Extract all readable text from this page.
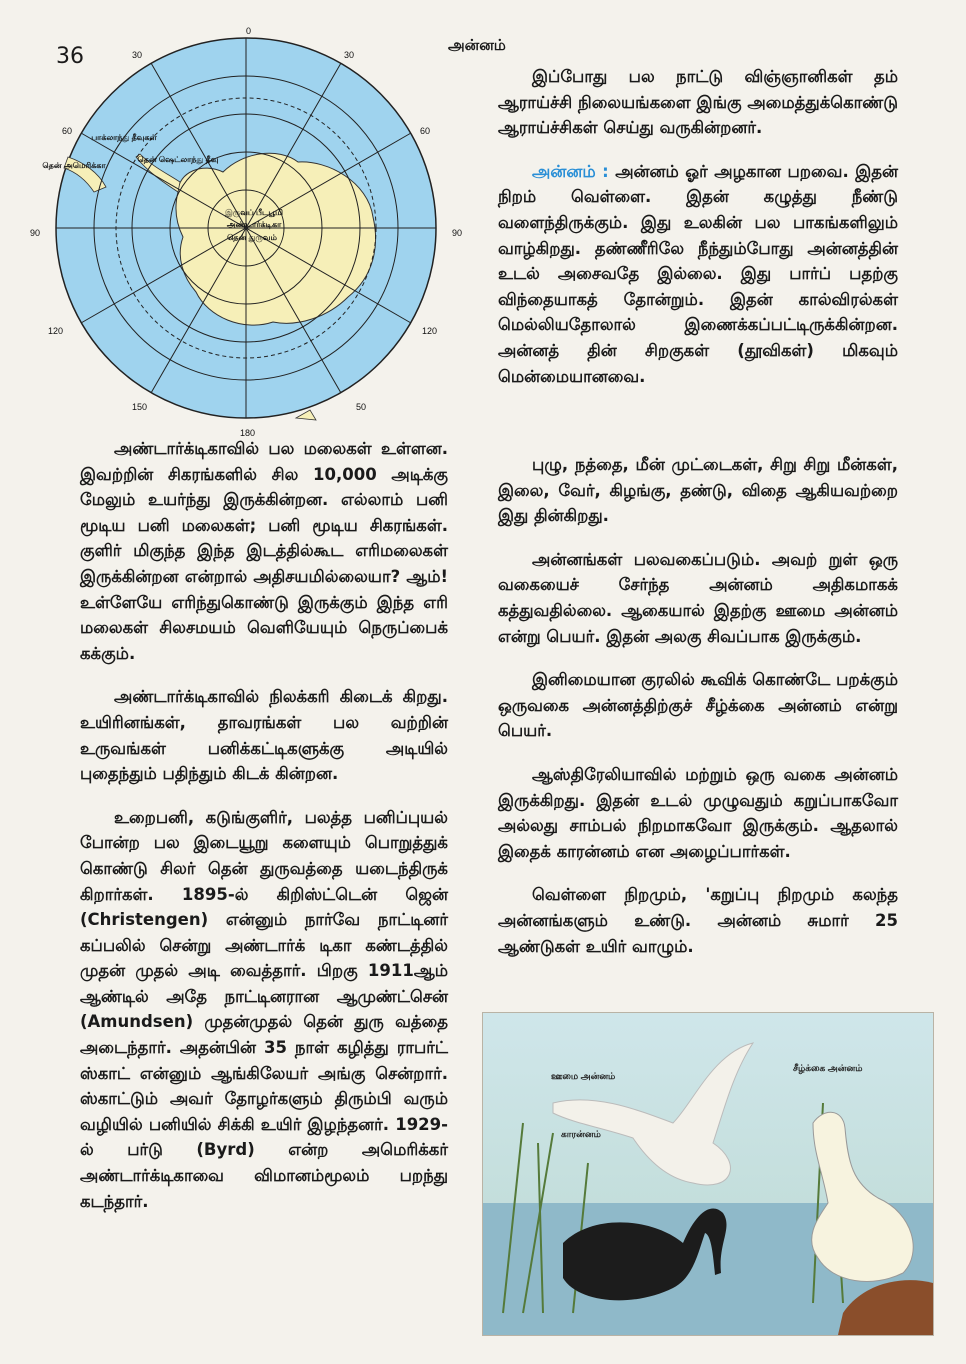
36	அன்னம்
0
180
90	90
30	30
60	60
120	120
150	50
இருவப் பீடபூமி
அண்டார்க்டிகா
தென் துருவம்
பாக்லாந்து தீவுகள்
தென் அமெரிக்கா
தென் ஷெட்லாந்து தீவு

அண்டார்க்டிகாவில் பல மலைகள் உள்ளன. இவற்றின் சிகரங்களில் சில 10,000 அடிக்கு மேலும் உயர்ந்து இருக்கின்றன. எல்லாம் பனி மூடிய பனி மலைகள்; பனி மூடிய சிகரங்கள். குளிர் மிகுந்த இந்த இடத்தில்கூட எரிமலைகள் இருக்கின்றன என்றால் அதிசயமில்லையா? ஆம்! உள்ளேயே எரிந்துகொண்டு இருக்கும் இந்த எரி மலைகள் சிலசமயம் வெளியேயும் நெருப்பைக் கக்கும்.

அண்டார்க்டிகாவில் நிலக்கரி கிடைக் கிறது. உயிரினங்கள், தாவரங்கள் பல வற்றின் உருவங்கள் பனிக்கட்டிகளுக்கு அடியில் புதைந்தும் பதிந்தும் கிடக் கின்றன.

உறைபனி, கடுங்குளிர், பலத்த பனிப்புயல் போன்ற பல இடையூறு களையும் பொறுத்துக் கொண்டு சிலர் தென் துருவத்தை யடைந்திருக் கிறார்கள். 1895-ல் கிறிஸ்ட்டென் ஜென் (Christengen) என்னும் நார்வே நாட்டினர் கப்பலில் சென்று அண்டார்க் டிகா கண்டத்தில் முதன் முதல் அடி வைத்தார். பிறகு 1911ஆம் ஆண்டில் அதே நாட்டினரான ஆமுண்ட்சென் (Amundsen) முதன்முதல் தென் துரு வத்தை அடைந்தார். அதன்பின் 35 நாள் கழித்து ராபர்ட் ஸ்காட் என்னும் ஆங்கிலேயர் அங்கு சென்றார். ஸ்காட்டும் அவர் தோழர்களும் திரும்பி வரும் வழியில் பனியில் சிக்கி உயிர் இழந்தனர். 1929-ல் பர்டு (Byrd) என்ற அமெரிக்கர் அண்டார்க்டிகாவை விமானம்மூலம் பறந்து கடந்தார்.

இப்போது பல நாட்டு விஞ்ஞானிகள் தம் ஆராய்ச்சி நிலையங்களை இங்கு அமைத்துக்கொண்டு ஆராய்ச்சிகள் செய்து வருகின்றனர்.

அன்னம் : அன்னம் ஓர் அழகான பறவை. இதன் நிறம் வெள்ளை. இதன் கழுத்து நீண்டு வளைந்திருக்கும். இது உலகின் பல பாகங்களிலும் வாழ்கிறது. தண்ணீரிலே நீந்தும்போது அன்னத்தின் உடல் அசைவதே இல்லை. இது பார்ப் பதற்கு விந்தையாகத் தோன்றும். இதன் கால்விரல்கள் மெல்லியதோலால் இணைக்கப்பட்டிருக்கின்றன. அன்னத் தின் சிறகுகள் (தூவிகள்) மிகவும் மென்மையானவை.

புழு, நத்தை, மீன் முட்டைகள், சிறு சிறு மீன்கள், இலை, வேர், கிழங்கு, தண்டு, விதை ஆகியவற்றை இது தின்கிறது.

அன்னங்கள் பலவகைப்படும். அவற் றுள் ஒரு வகையைச் சேர்ந்த அன்னம் அதிகமாகக் கத்துவதில்லை. ஆகையால் இதற்கு ஊமை அன்னம் என்று பெயர். இதன் அலகு சிவப்பாக இருக்கும்.

இனிமையான குரலில் கூவிக் கொண்டே பறக்கும் ஒருவகை அன்னத்திற்குச் சீழ்க்கை அன்னம் என்று பெயர்.

ஆஸ்திரேலியாவில் மற்றும் ஒரு வகை அன்னம் இருக்கிறது. இதன் உடல் முழுவதும் கறுப்பாகவோ அல்லது சாம்பல் நிறமாகவோ இருக்கும். ஆதலால் இதைக் காரன்னம் என அழைப்பார்கள்.

வெள்ளை நிறமும், 'கறுப்பு நிறமும் கலந்த அன்னங்களும் உண்டு. அன்னம் சுமார் 25 ஆண்டுகள் உயிர் வாழும்.

ஊமை அன்னம்
சீழ்க்கை அன்னம்
காரன்னம்
